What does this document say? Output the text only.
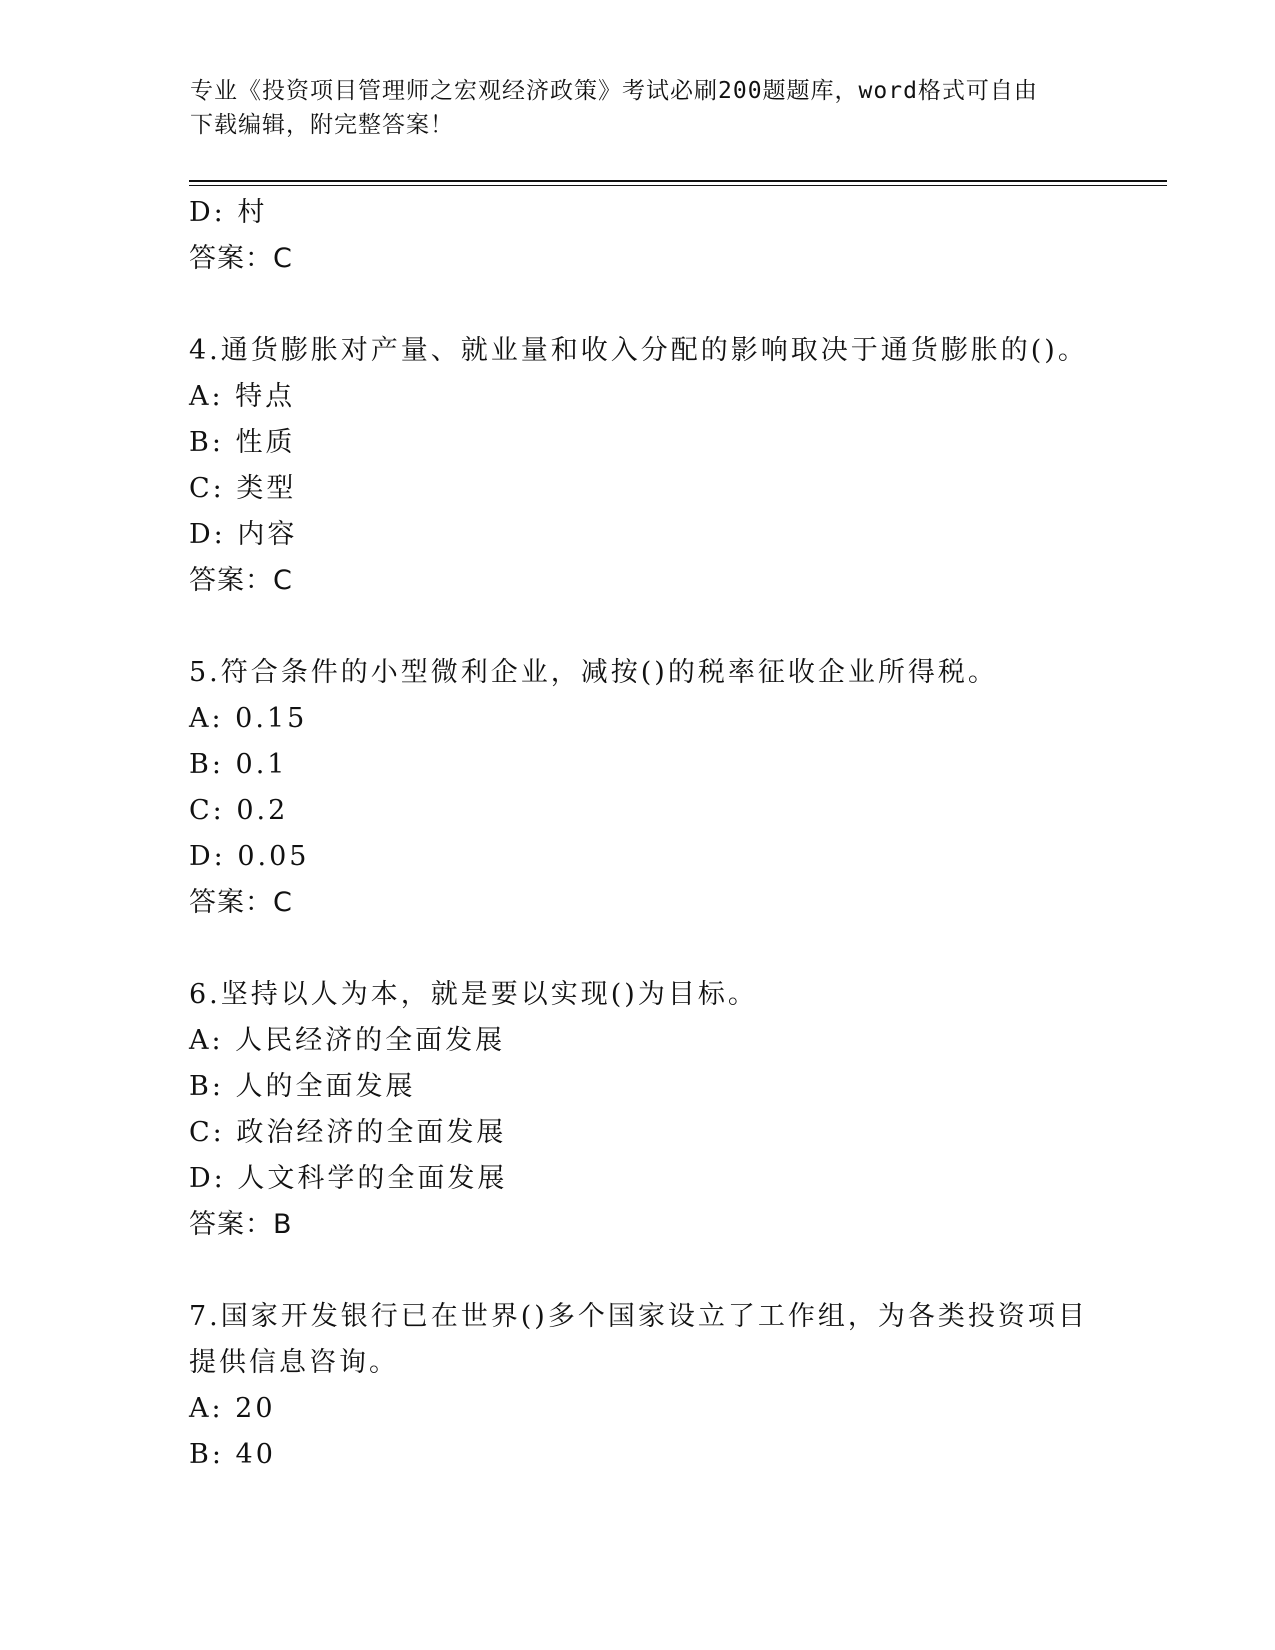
专业《投资项目管理师之宏观经济政策》考试必刷200题题库，word格式可自由
下载编辑，附完整答案！
D: 村
答案：C
4.通货膨胀对产量、就业量和收入分配的影响取决于通货膨胀的()。
A: 特点
B: 性质
C: 类型
D: 内容
答案：C
5.符合条件的小型微利企业，减按()的税率征收企业所得税。
A: 0.15
B: 0.1
C: 0.2
D: 0.05
答案：C
6.坚持以人为本，就是要以实现()为目标。
A: 人民经济的全面发展
B: 人的全面发展
C: 政治经济的全面发展
D: 人文科学的全面发展
答案：B
7.国家开发银行已在世界()多个国家设立了工作组，为各类投资项目
提供信息咨询。
A: 20
B: 40
